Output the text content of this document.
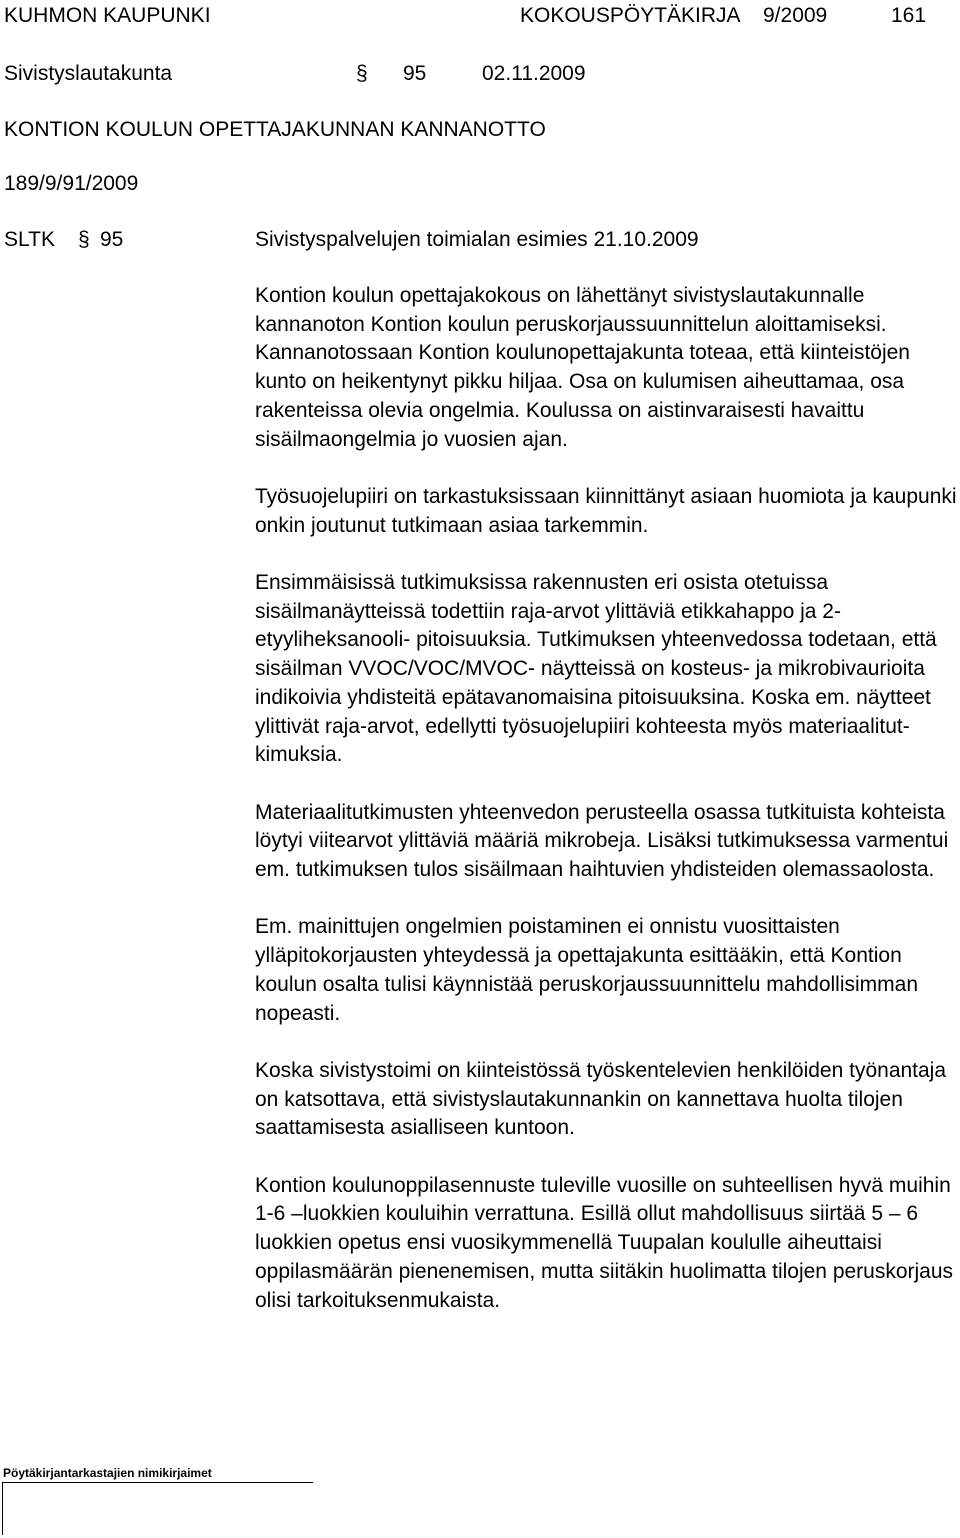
KUHMON KAUPUNKI	KOKOUSPÖYTÄKIRJA 9/2009	161
Sivistyslautakunta	§ 95	02.11.2009
KONTION KOULUN OPETTAJAKUNNAN KANNANOTTO
189/9/91/2009
SLTK § 95	Sivistyspalvelujen toimialan esimies 21.10.2009

Kontion koulun opettajakokous on lähettänyt sivistyslautakunnalle kannanoton Kontion koulun peruskorjaussuunnittelun aloittamiseksi. Kannanotossaan Kontion koulunopettajakunta toteaa, että kiinteistöjen kunto on heikentynyt pikku hiljaa. Osa on kulumisen aiheuttamaa, osa rakenteissa olevia ongelmia. Koulussa on aistinvaraisesti havaittu sisäilmaongelmia jo vuosien ajan.

Työsuojelupiiri on tarkastuksissaan kiinnittänyt asiaan huomiota ja kaupunki onkin joutunut tutkimaan asiaa tarkemmin.

Ensimmäisissä tutkimuksissa rakennusten eri osista otetuissa sisäilmanäytteissä todettiin raja-arvot ylittäviä etikkahappo ja 2-etyyliheksanooli- pitoisuuksia. Tutkimuksen yhteenvedossa todetaan, että sisäilman VVOC/VOC/MVOC- näytteissä on kosteus- ja mikrobivaurioita indikoivia yhdisteitä epätavanomaisina pitoisuuksina. Koska em. näytteet ylittivät raja-arvot, edellytti työsuojelupiiri kohteesta myös materiaalitut-kimuksia.

Materiaalitutkimusten yhteenvedon perusteella osassa tutkituista kohteista löytyi viitearvot ylittäviä määriä mikrobeja. Lisäksi tutkimuksessa varmentui em. tutkimuksen tulos sisäilmaan haihtuvien yhdisteiden olemassaolosta.

Em. mainittujen ongelmien poistaminen ei onnistu vuosittaisten ylläpitokorjausten yhteydessä ja opettajakunta esittääkin, että Kontion koulun osalta tulisi käynnistää peruskorjaussuunnittelu mahdollisimman nopeasti.

Koska sivistystoimi on kiinteistössä työskentelevien henkilöiden työnantaja on katsottava, että sivistyslautakunnankin on kannettava huolta tilojen saattamisesta asialliseen kuntoon.

Kontion koulunoppilasennuste tuleville vuosille on suhteellisen hyvä muihin 1-6 –luokkien kouluihin verrattuna. Esillä ollut mahdollisuus siirtää 5 – 6 luokkien opetus ensi vuosikymmenellä Tuupalan koululle aiheuttaisi oppilasmäärän pienenemisen, mutta siitäkin huolimatta tilojen peruskorjaus olisi tarkoituksenmukaista.

Pöytäkirjantarkastajien nimikirjaimet
